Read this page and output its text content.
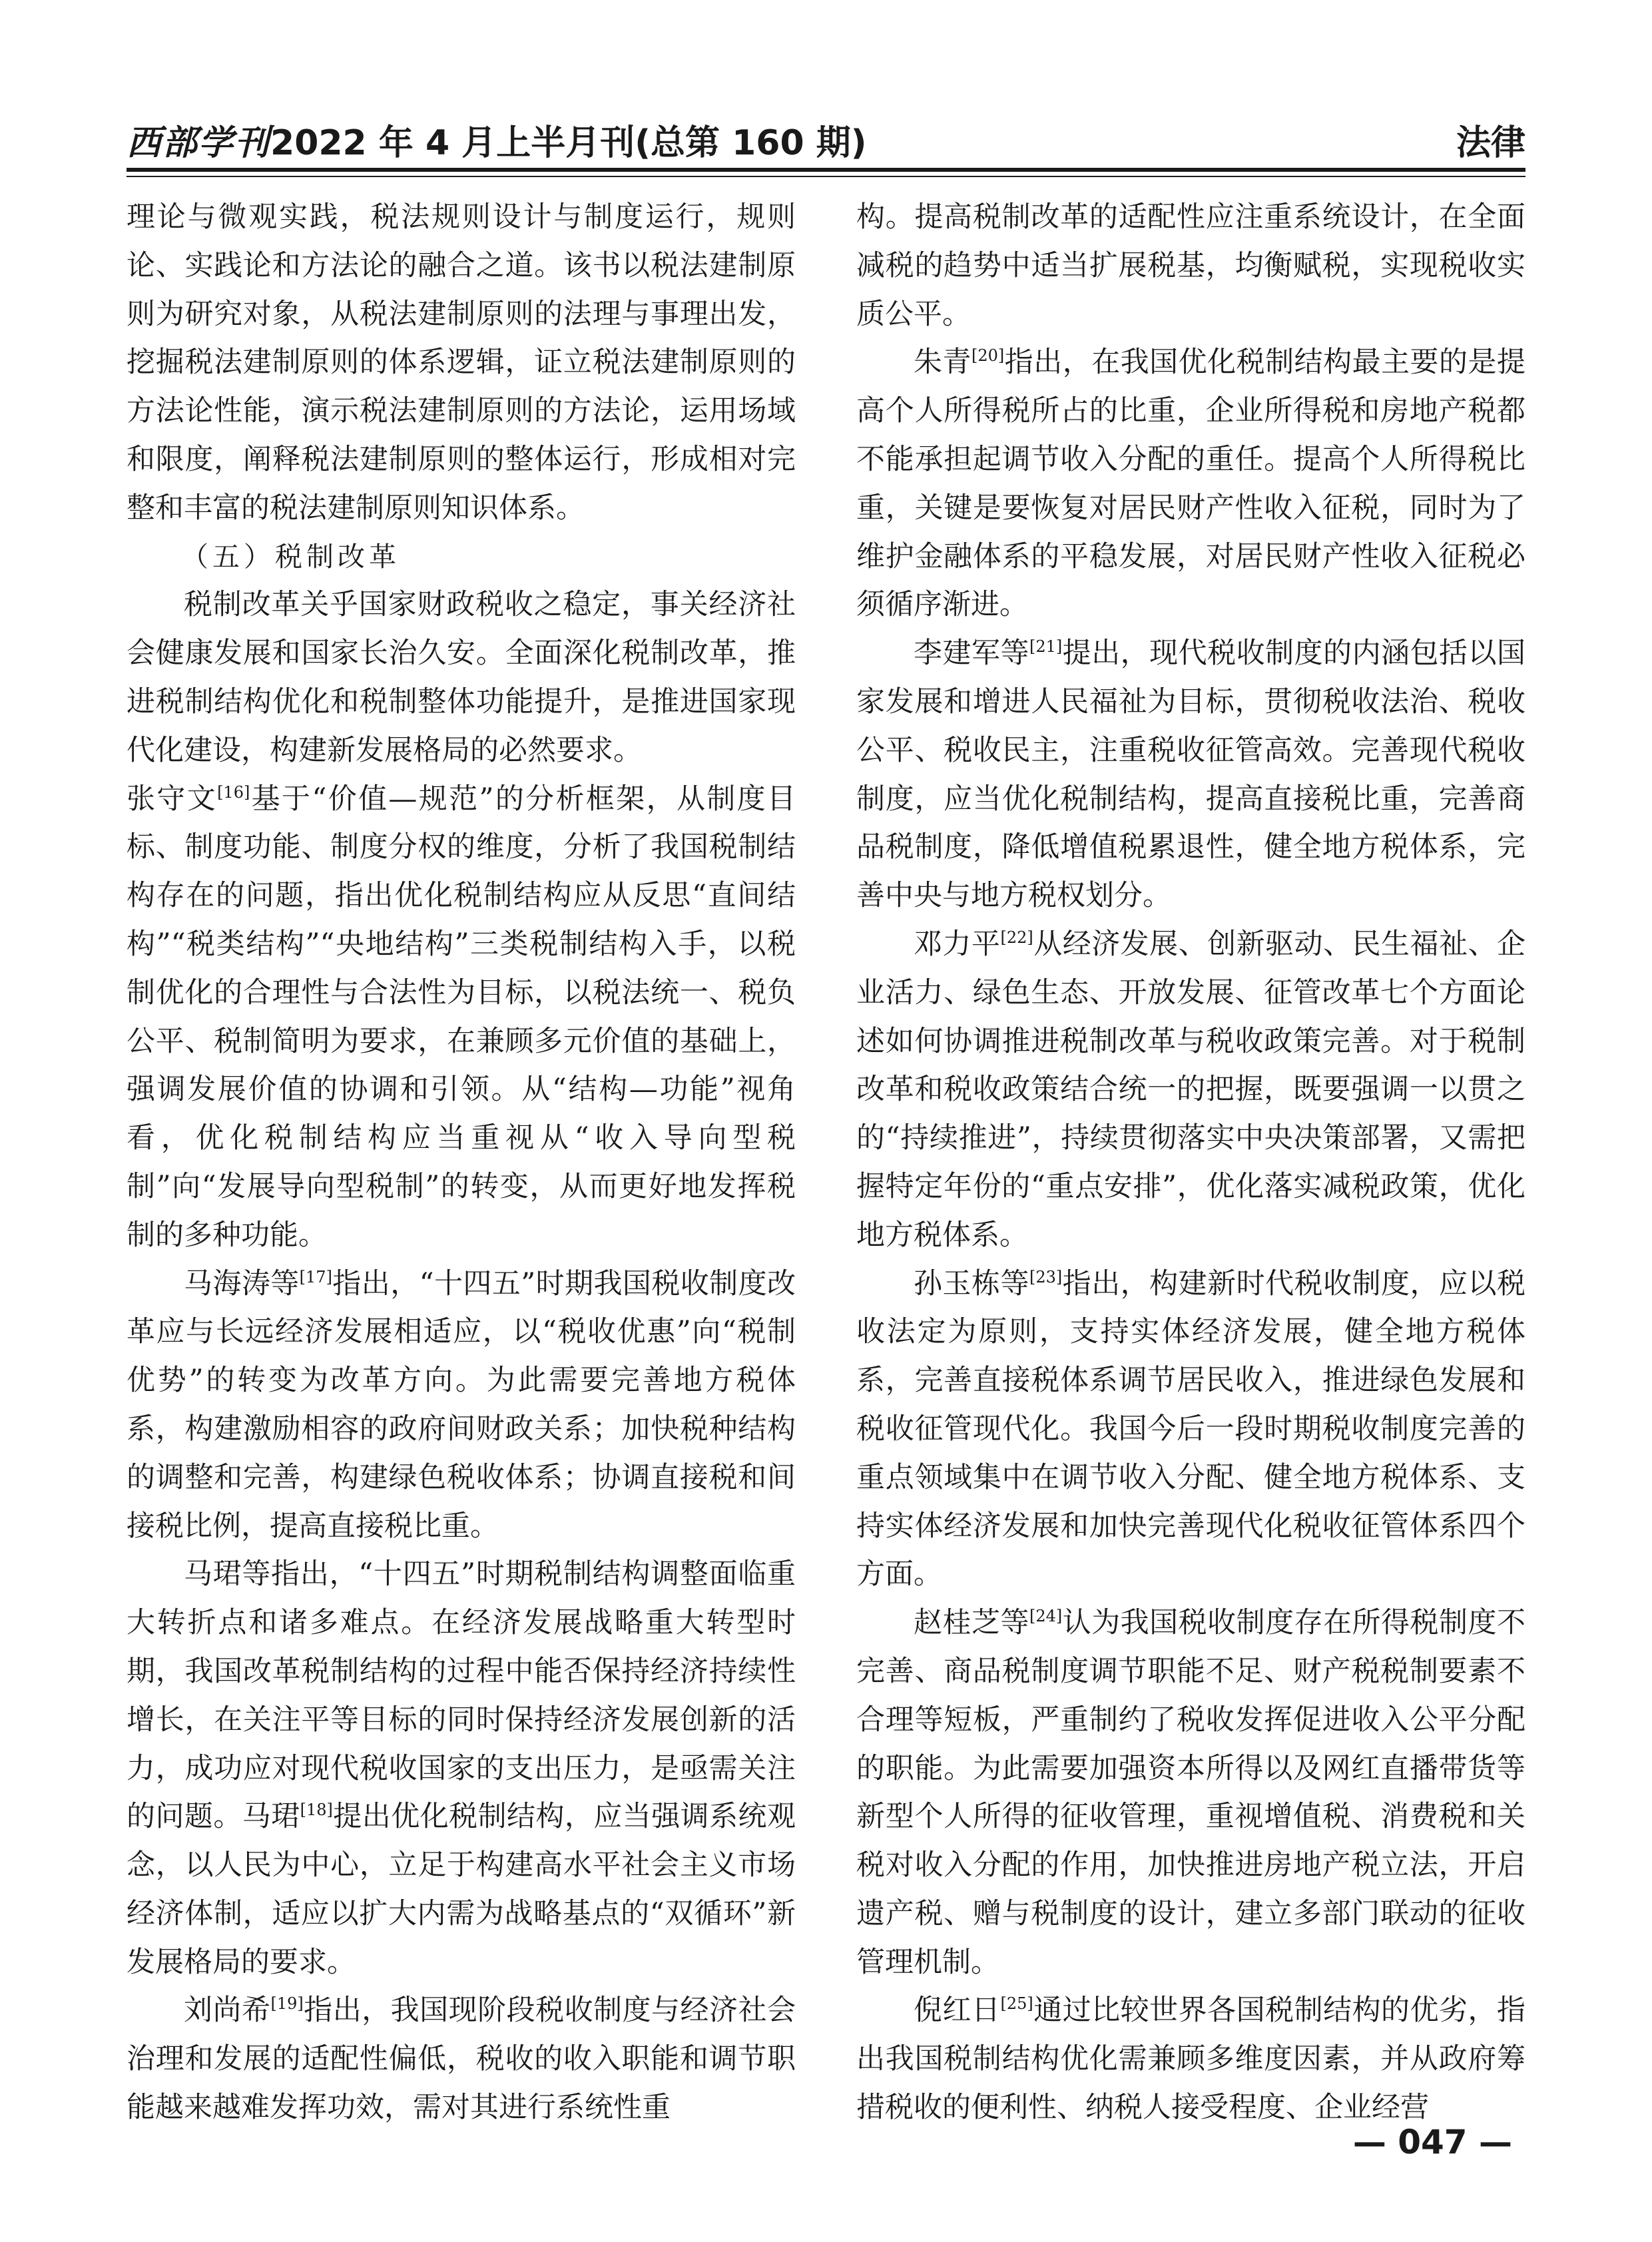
西部学刊2022 年 4 月上半月刊(总第 160 期)	法律

理论与微观实践，税法规则设计与制度运行，规则论、实践论和方法论的融合之道。该书以税法建制原则为研究对象，从税法建制原则的法理与事理出发，挖掘税法建制原则的体系逻辑，证立税法建制原则的方法论性能，演示税法建制原则的方法论，运用场域和限度，阐释税法建制原则的整体运行，形成相对完整和丰富的税法建制原则知识体系。

（五）税制改革

税制改革关乎国家财政税收之稳定，事关经济社会健康发展和国家长治久安。全面深化税制改革，推进税制结构优化和税制整体功能提升，是推进国家现代化建设，构建新发展格局的必然要求。

张守文[16]基于“价值—规范”的分析框架，从制度目标、制度功能、制度分权的维度，分析了我国税制结构存在的问题，指出优化税制结构应从反思“直间结构”“税类结构”“央地结构”三类税制结构入手，以税制优化的合理性与合法性为目标，以税法统一、税负公平、税制简明为要求，在兼顾多元价值的基础上，强调发展价值的协调和引领。从“结构—功能”视角看，优化税制结构应当重视从“收入导向型税制”向“发展导向型税制”的转变，从而更好地发挥税制的多种功能。

马海涛等[17]指出，“十四五”时期我国税收制度改革应与长远经济发展相适应，以“税收优惠”向“税制优势”的转变为改革方向。为此需要完善地方税体系，构建激励相容的政府间财政关系；加快税种结构的调整和完善，构建绿色税收体系；协调直接税和间接税比例，提高直接税比重。

马珺等指出，“十四五”时期税制结构调整面临重大转折点和诸多难点。在经济发展战略重大转型时期，我国改革税制结构的过程中能否保持经济持续性增长，在关注平等目标的同时保持经济发展创新的活力，成功应对现代税收国家的支出压力，是亟需关注的问题。马珺[18]提出优化税制结构，应当强调系统观念，以人民为中心，立足于构建高水平社会主义市场经济体制，适应以扩大内需为战略基点的“双循环”新发展格局的要求。

刘尚希[19]指出，我国现阶段税收制度与经济社会治理和发展的适配性偏低，税收的收入职能和调节职能越来越难发挥功效，需对其进行系统性重

构。提高税制改革的适配性应注重系统设计，在全面减税的趋势中适当扩展税基，均衡赋税，实现税收实质公平。

朱青[20]指出，在我国优化税制结构最主要的是提高个人所得税所占的比重，企业所得税和房地产税都不能承担起调节收入分配的重任。提高个人所得税比重，关键是要恢复对居民财产性收入征税，同时为了维护金融体系的平稳发展，对居民财产性收入征税必须循序渐进。

李建军等[21]提出，现代税收制度的内涵包括以国家发展和增进人民福祉为目标，贯彻税收法治、税收公平、税收民主，注重税收征管高效。完善现代税收制度，应当优化税制结构，提高直接税比重，完善商品税制度，降低增值税累退性，健全地方税体系，完善中央与地方税权划分。

邓力平[22]从经济发展、创新驱动、民生福祉、企业活力、绿色生态、开放发展、征管改革七个方面论述如何协调推进税制改革与税收政策完善。对于税制改革和税收政策结合统一的把握，既要强调一以贯之的“持续推进”，持续贯彻落实中央决策部署，又需把握特定年份的“重点安排”，优化落实减税政策，优化地方税体系。

孙玉栋等[23]指出，构建新时代税收制度，应以税收法定为原则，支持实体经济发展，健全地方税体系，完善直接税体系调节居民收入，推进绿色发展和税收征管现代化。我国今后一段时期税收制度完善的重点领域集中在调节收入分配、健全地方税体系、支持实体经济发展和加快完善现代化税收征管体系四个方面。

赵桂芝等[24]认为我国税收制度存在所得税制度不完善、商品税制度调节职能不足、财产税税制要素不合理等短板，严重制约了税收发挥促进收入公平分配的职能。为此需要加强资本所得以及网红直播带货等新型个人所得的征收管理，重视增值税、消费税和关税对收入分配的作用，加快推进房地产税立法，开启遗产税、赠与税制度的设计，建立多部门联动的征收管理机制。

倪红日[25]通过比较世界各国税制结构的优劣，指出我国税制结构优化需兼顾多维度因素，并从政府筹措税收的便利性、纳税人接受程度、企业经营

— 047 —
